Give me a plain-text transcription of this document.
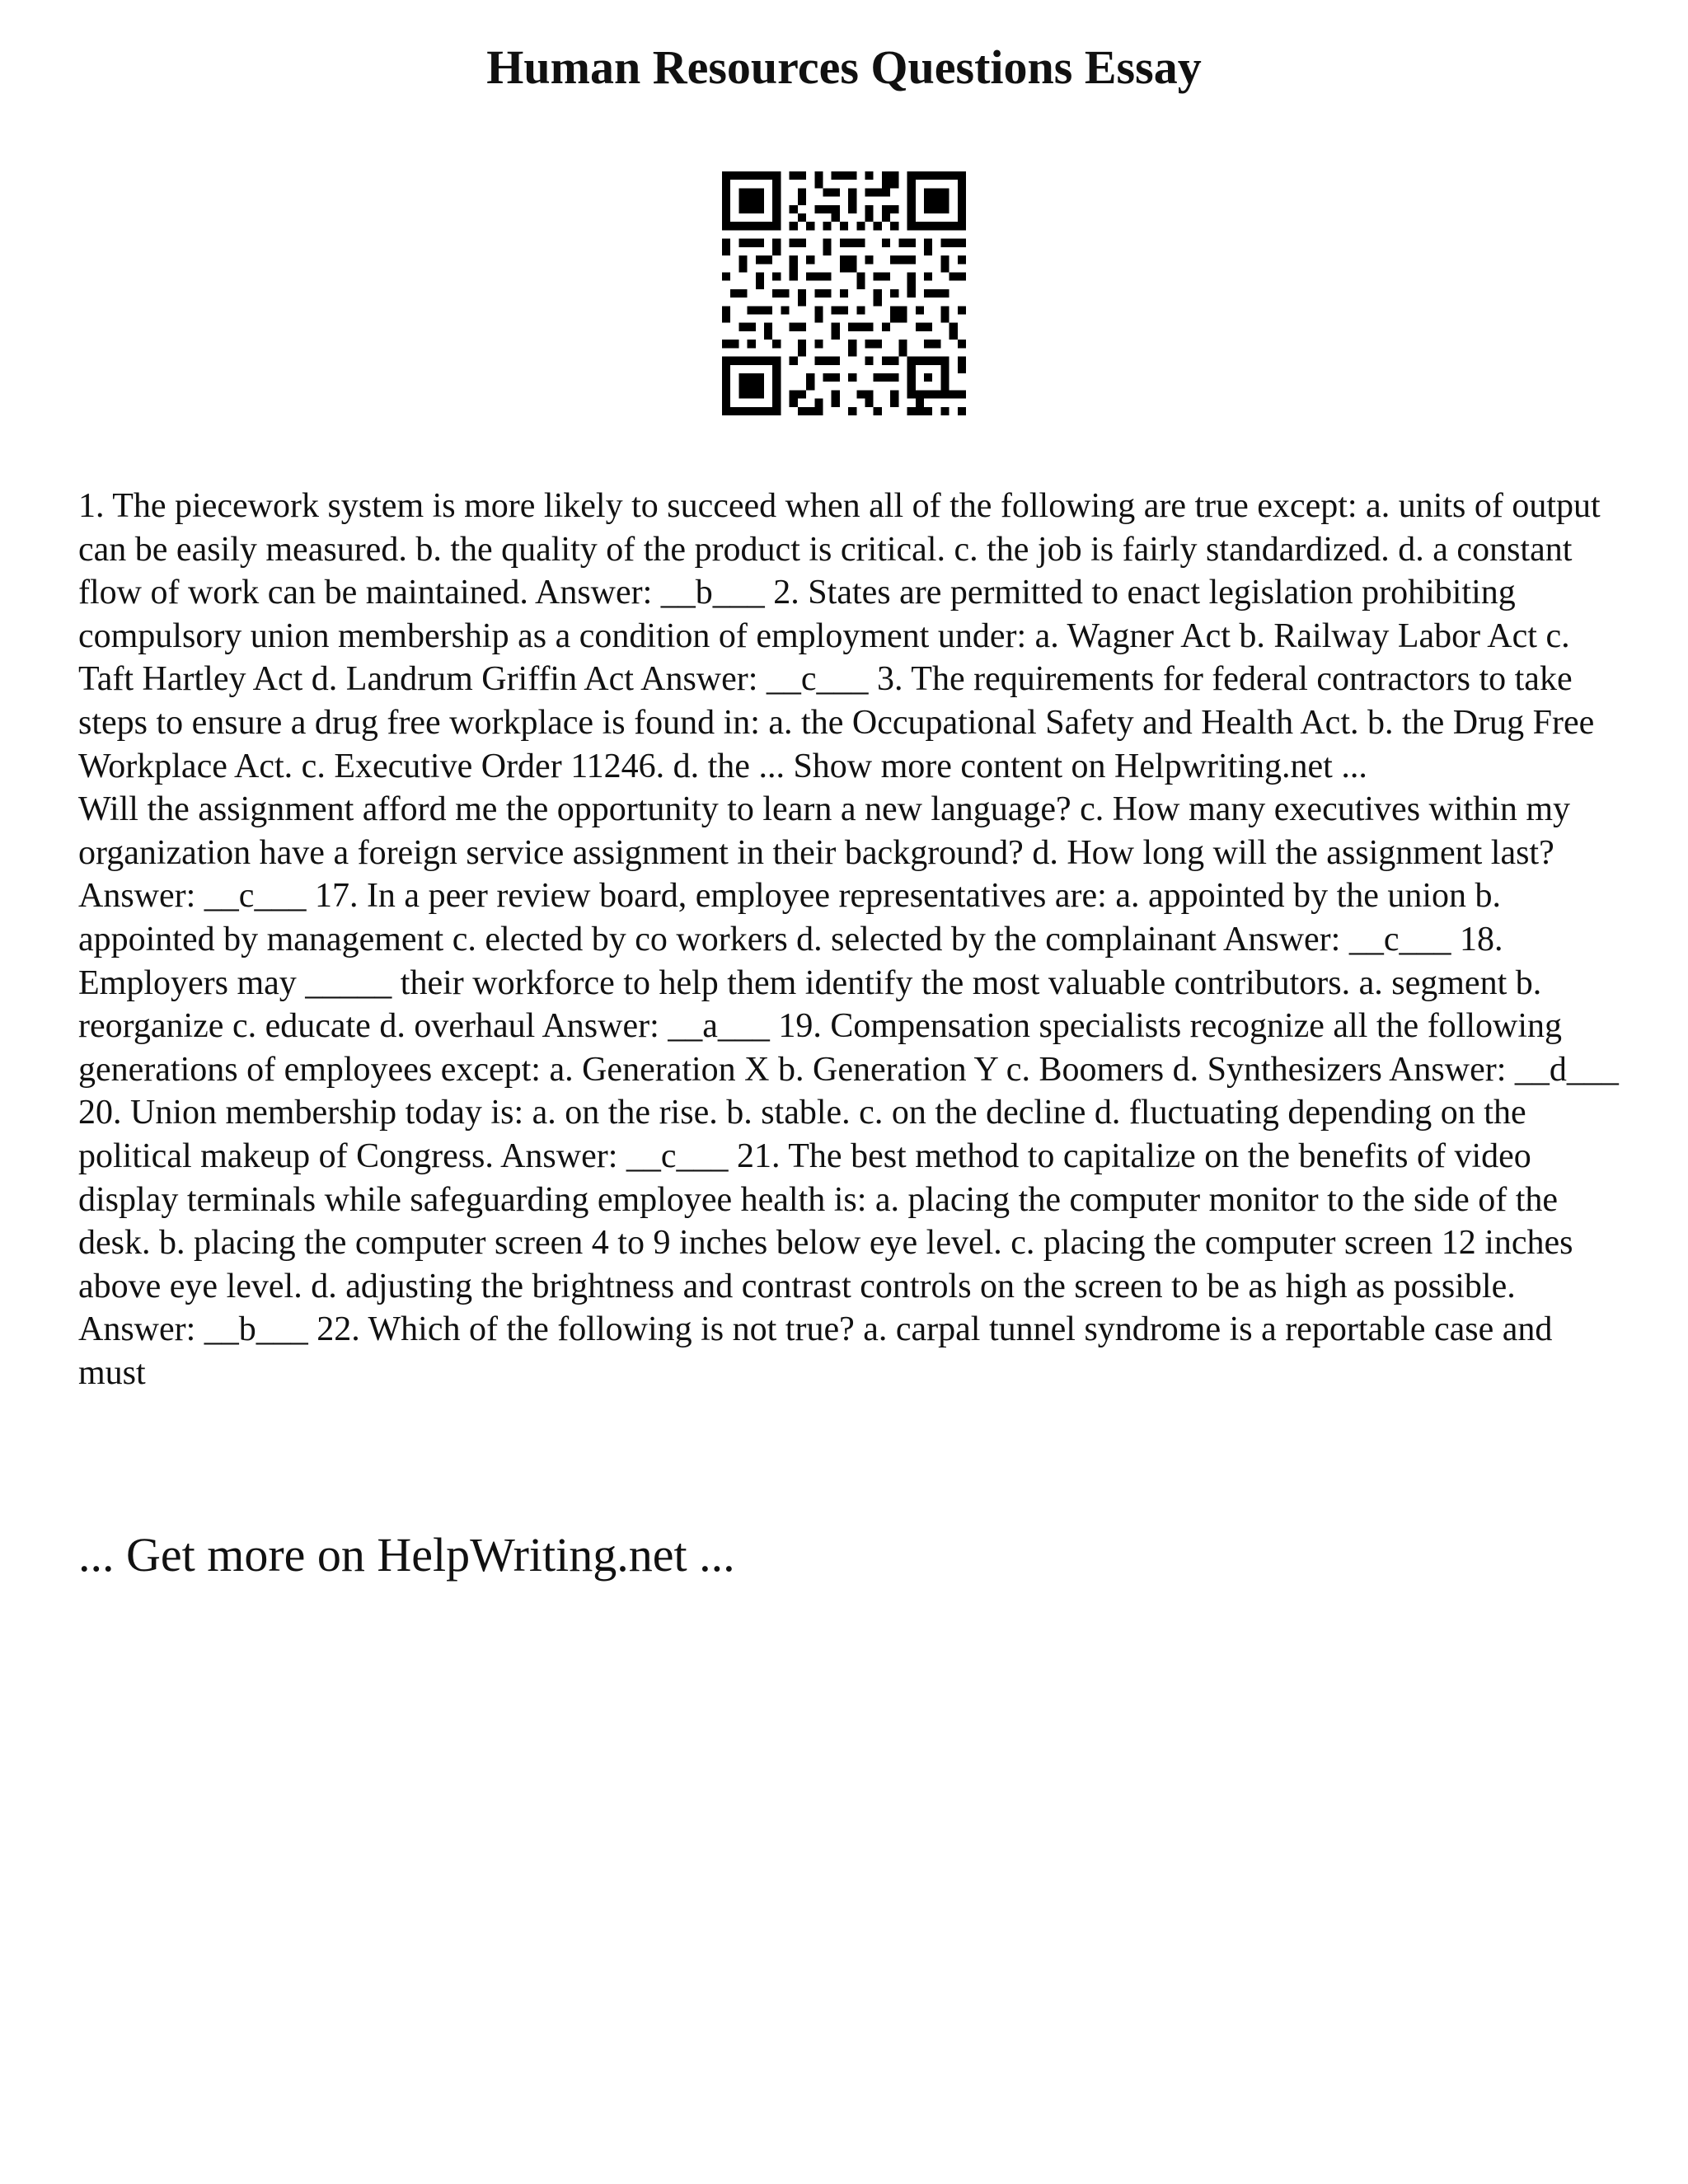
Human Resources Questions Essay

1. The piecework system is more likely to succeed when all of the following are true except: a. units of output can be easily measured. b. the quality of the product is critical. c. the job is fairly standardized. d. a constant flow of work can be maintained. Answer: __b___ 2. States are permitted to enact legislation prohibiting compulsory union membership as a condition of employment under: a. Wagner Act b. Railway Labor Act c. Taft Hartley Act d. Landrum Griffin Act Answer: __c___ 3. The requirements for federal contractors to take steps to ensure a drug free workplace is found in: a. the Occupational Safety and Health Act. b. the Drug Free Workplace Act. c. Executive Order 11246. d. the ... Show more content on Helpwriting.net ...

Will the assignment afford me the opportunity to learn a new language? c. How many executives within my organization have a foreign service assignment in their background? d. How long will the assignment last? Answer: __c___ 17. In a peer review board, employee representatives are: a. appointed by the union b. appointed by management c. elected by co workers d. selected by the complainant Answer: __c___ 18. Employers may _____ their workforce to help them identify the most valuable contributors. a. segment b. reorganize c. educate d. overhaul Answer: __a___ 19. Compensation specialists recognize all the following generations of employees except: a. Generation X b. Generation Y c. Boomers d. Synthesizers Answer: __d___ 20. Union membership today is: a. on the rise. b. stable. c. on the decline d. fluctuating depending on the political makeup of Congress. Answer: __c___ 21. The best method to capitalize on the benefits of video display terminals while safeguarding employee health is: a. placing the computer monitor to the side of the desk. b. placing the computer screen 4 to 9 inches below eye level. c. placing the computer screen 12 inches above eye level. d. adjusting the brightness and contrast controls on the screen to be as high as possible. Answer: __b___ 22. Which of the following is not true? a. carpal tunnel syndrome is a reportable case and must

... Get more on HelpWriting.net ...
